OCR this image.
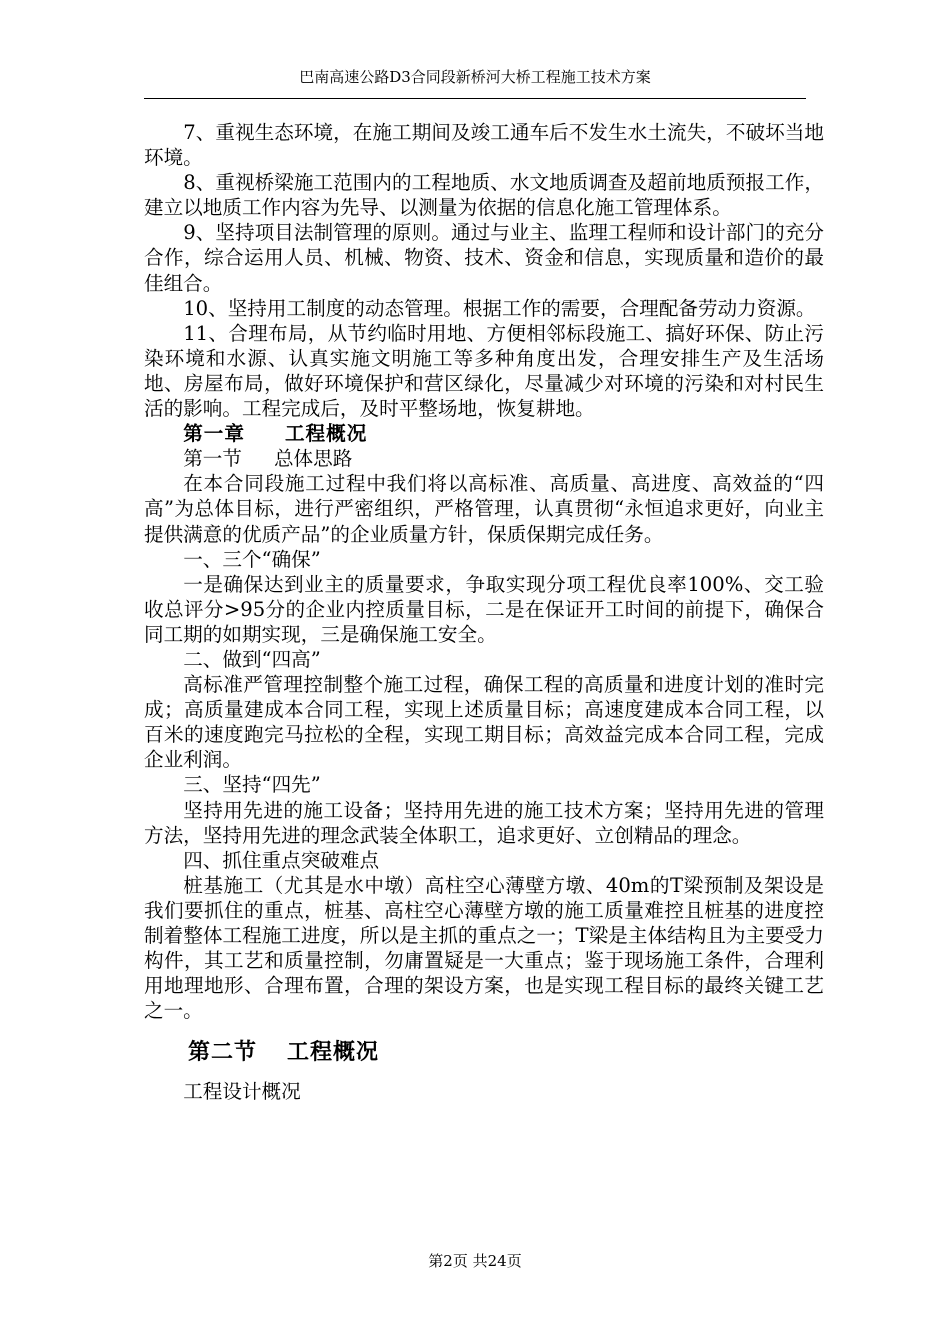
巴南高速公路D3合同段新桥河大桥工程施工技术方案

7、重视生态环境，在施工期间及竣工通车后不发生水土流失，不破坏当地环境。

8、重视桥梁施工范围内的工程地质、水文地质调查及超前地质预报工作，建立以地质工作内容为先导、以测量为依据的信息化施工管理体系。

9、坚持项目法制管理的原则。通过与业主、监理工程师和设计部门的充分合作，综合运用人员、机械、物资、技术、资金和信息，实现质量和造价的最佳组合。

10、坚持用工制度的动态管理。根据工作的需要，合理配备劳动力资源。

11、合理布局，从节约临时用地、方便相邻标段施工、搞好环保、防止污染环境和水源、认真实施文明施工等多种角度出发，合理安排生产及生活场地、房屋布局，做好环境保护和营区绿化，尽量减少对环境的污染和对村民生活的影响。工程完成后，及时平整场地，恢复耕地。

第一章 工程概况

第一节 总体思路

在本合同段施工过程中我们将以高标准、高质量、高进度、高效益的“四高”为总体目标，进行严密组织，严格管理，认真贯彻“永恒追求更好，向业主提供满意的优质产品”的企业质量方针，保质保期完成任务。

一、三个“确保”

一是确保达到业主的质量要求，争取实现分项工程优良率100%、交工验收总评分>95分的企业内控质量目标，二是在保证开工时间的前提下，确保合同工期的如期实现，三是确保施工安全。

二、做到“四高”

高标准严管理控制整个施工过程，确保工程的高质量和进度计划的准时完成；高质量建成本合同工程，实现上述质量目标；高速度建成本合同工程，以百米的速度跑完马拉松的全程，实现工期目标；高效益完成本合同工程，完成企业利润。

三、坚持“四先”

坚持用先进的施工设备；坚持用先进的施工技术方案；坚持用先进的管理方法，坚持用先进的理念武装全体职工，追求更好、立创精品的理念。

四、抓住重点突破难点

桩基施工（尤其是水中墩）高柱空心薄壁方墩、40m的T梁预制及架设是我们要抓住的重点，桩基、高柱空心薄壁方墩的施工质量难控且桩基的进度控制着整体工程施工进度，所以是主抓的重点之一；T梁是主体结构且为主要受力构件，其工艺和质量控制，勿庸置疑是一大重点；鉴于现场施工条件，合理利用地理地形、合理布置，合理的架设方案，也是实现工程目标的最终关键工艺之一。

第二节 工程概况

工程设计概况

第2页 共24页
